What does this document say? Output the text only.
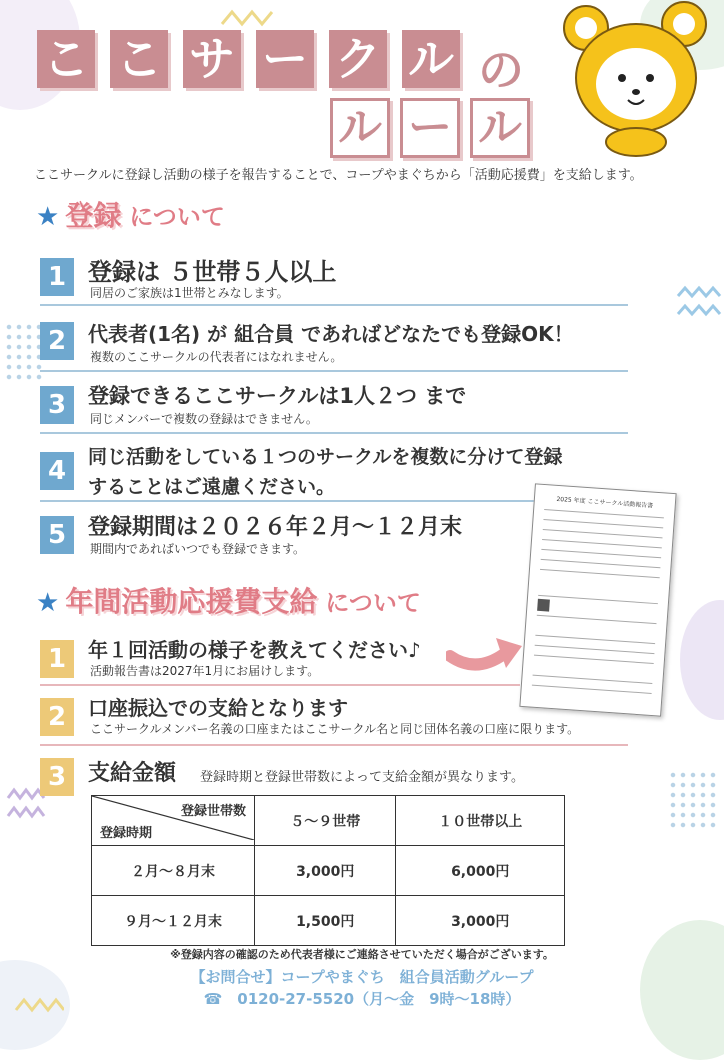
こ こ サ ー ク ル の
ル ー ル
ここサークルに登録し活動の様子を報告することで、コープやまぐちから「活動応援費」を支給します。
★ 登録 について
1 登録は ５世帯５人以上
同居のご家族は1世帯とみなします。
2	代表者(1名) が 組合員 であればどなたでも登録OK！
複数のここサークルの代表者にはなれません。
3	登録できるここサークルは1人２つ まで
同じメンバーで複数の登録はできません。
4	同じ活動をしている１つのサークルを複数に分けて登録
することはご遠慮ください。
5 登録期間は２０２６年２月～１２月末
期間内であればいつでも登録できます。
2025 年度 ここサークル活動報告書
★ 年間活動応援費支給 について
1	年１回活動の様子を教えてください♪
活動報告書は2027年1月にお届けします。
2	口座振込での支給となります
ここサークルメンバー名義の口座またはここサークル名と同じ団体名義の口座に限ります。
3 支給金額 登録時期と登録世帯数によって支給金額が異なります。
登録世帯数
登録時期	５～９世帯	１０世帯以上
２月～８月末	3,000円	6,000円
９月～１２月末	1,500円	3,000円
※登録内容の確認のため代表者様にご連絡させていただく場合がございます。
【お問合せ】コープやまぐち　組合員活動グループ
☎　0120-27-5520（月～金　9時～18時）
